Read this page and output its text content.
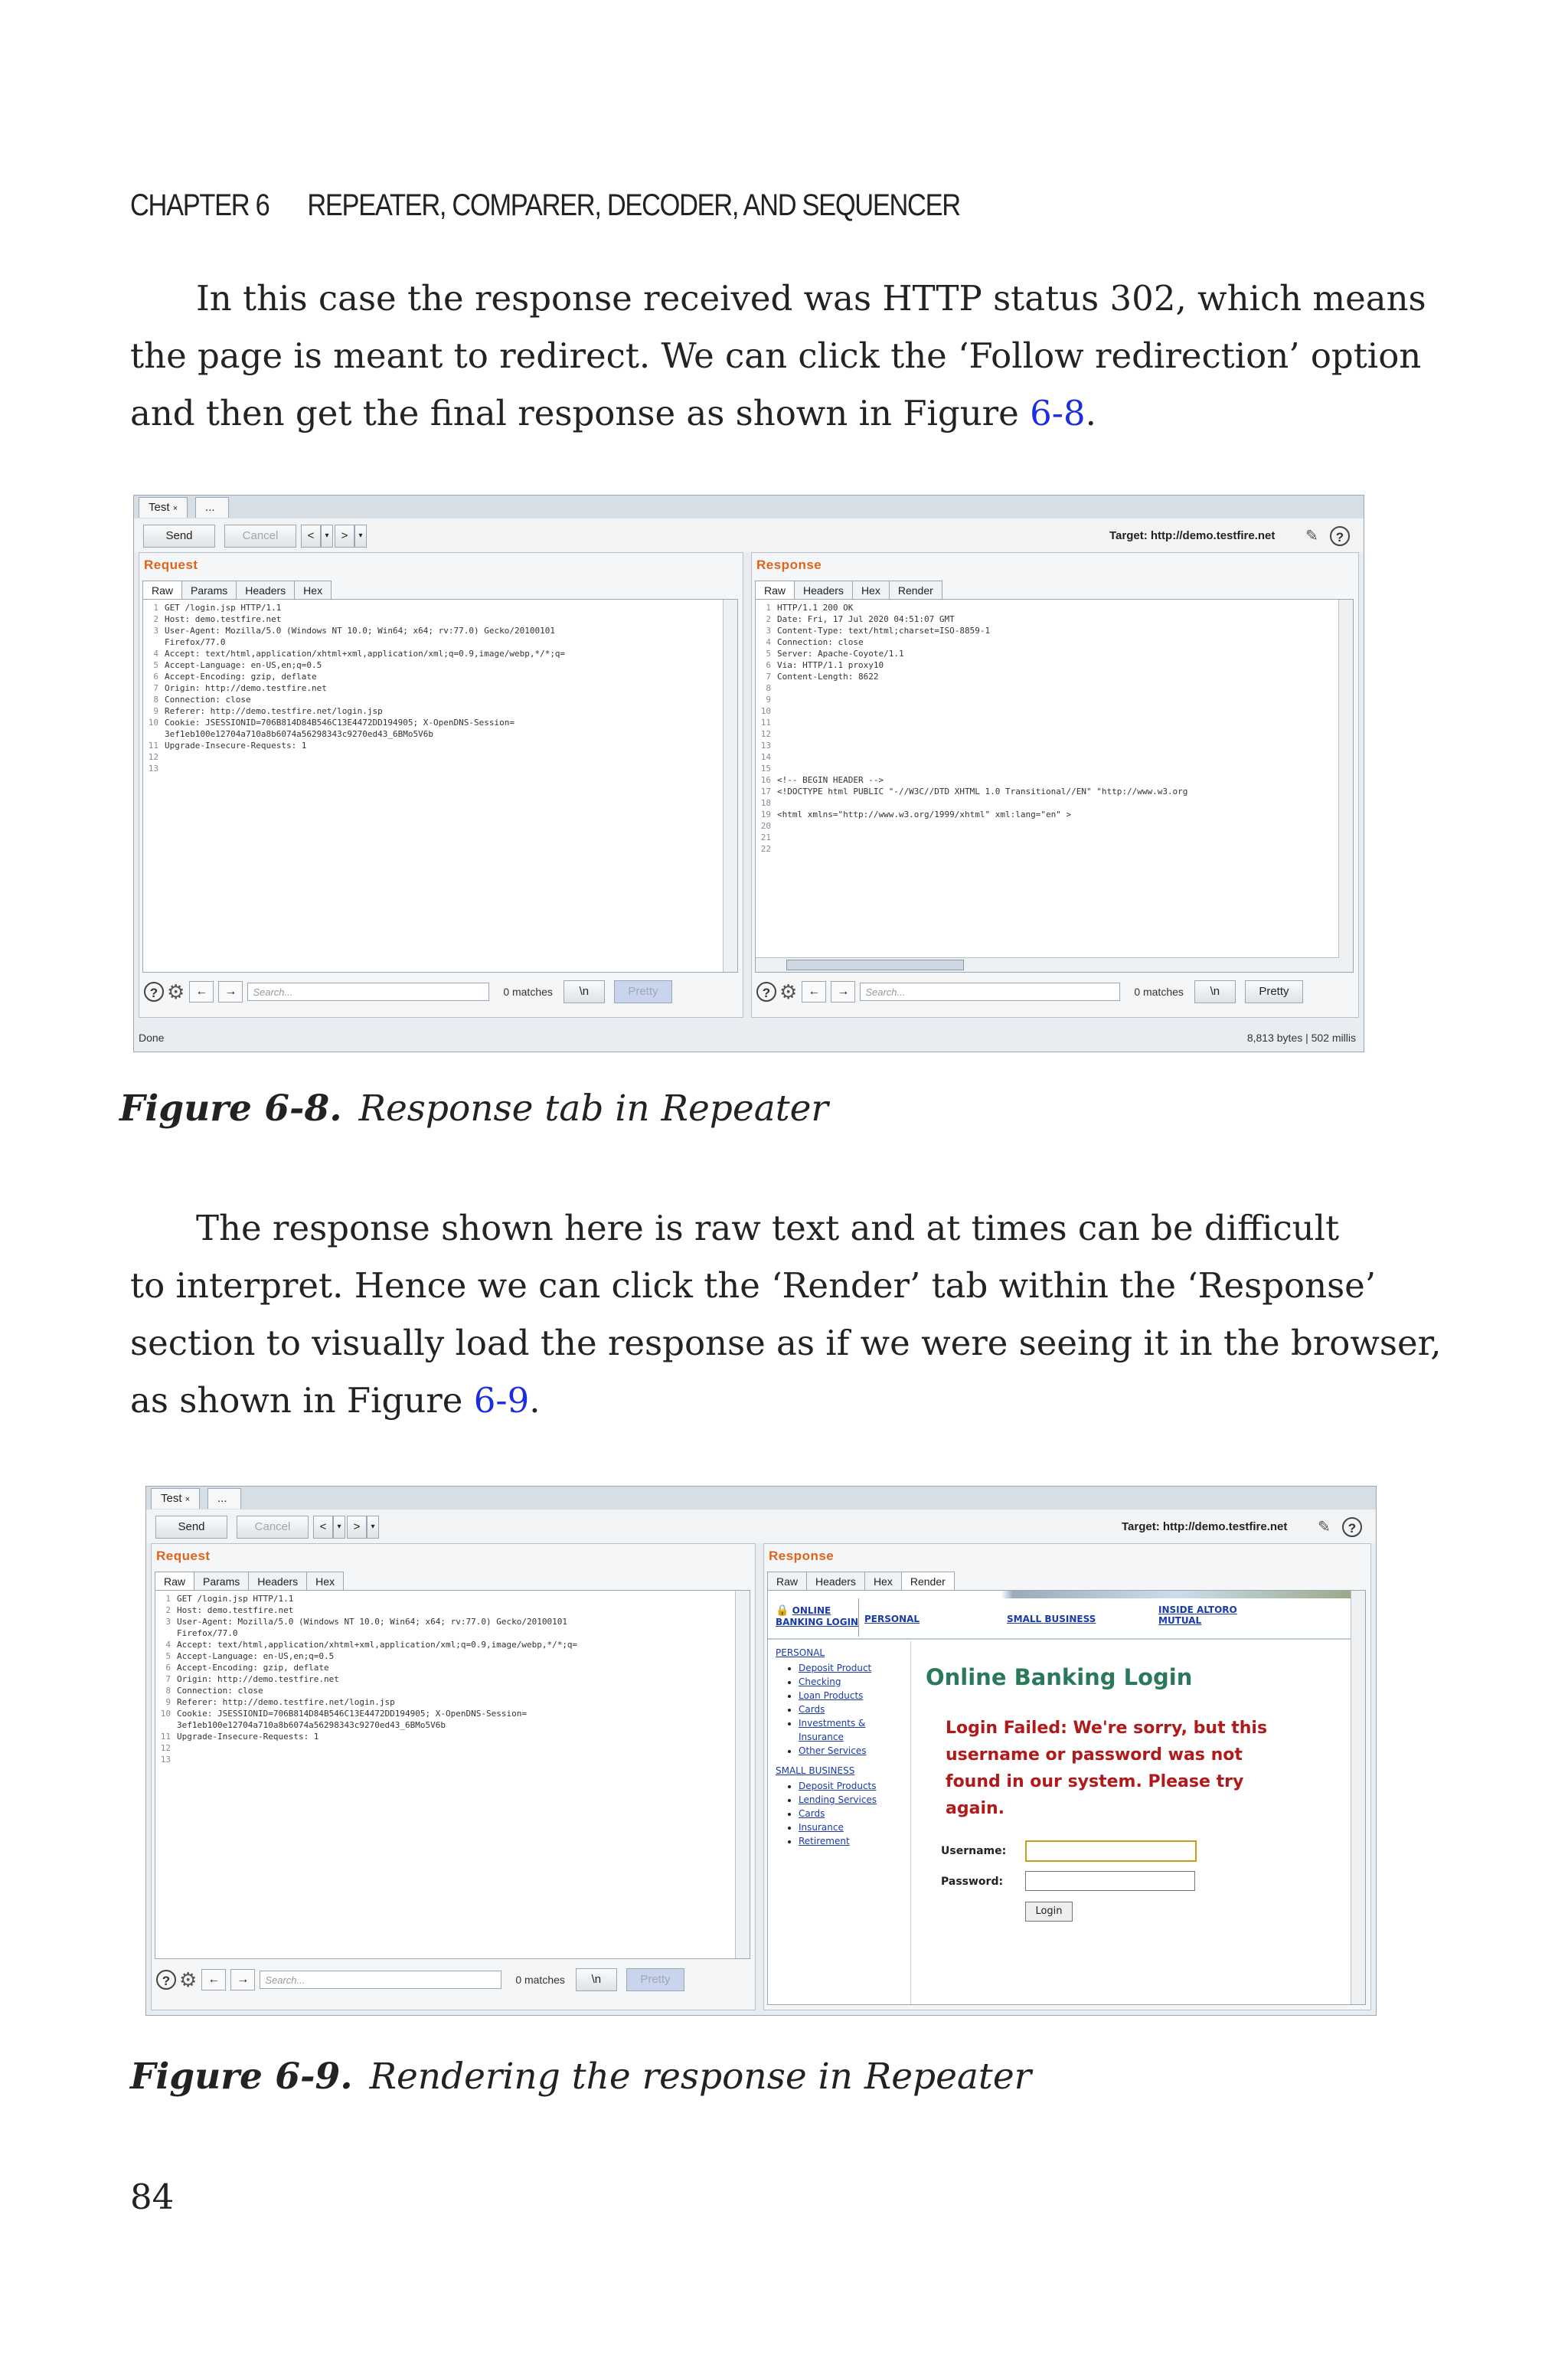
CHAPTER 6 REPEATER, COMPARER, DECODER, AND SEQUENCER
In this case the response received was HTTP status 302, which means
the page is meant to redirect. We can click the ‘Follow redirection’ option
and then get the final response as shown in Figure 6-8.
Test ×	...
Send	Cancel	<	▾	>	▾	Target: http://demo.testfire.net ✎	?
Request
Raw	Params	Headers	Hex
1 GET /login.jsp HTTP/1.1
2 Host: demo.testfire.net
3 User-Agent: Mozilla/5.0 (Windows NT 10.0; Win64; x64; rv:77.0) Gecko/20100101
Firefox/77.0
4 Accept: text/html,application/xhtml+xml,application/xml;q=0.9,image/webp,*/*;q=
5 Accept-Language: en-US,en;q=0.5
6 Accept-Encoding: gzip, deflate
7 Origin: http://demo.testfire.net
8 Connection: close
9 Referer: http://demo.testfire.net/login.jsp
10 Cookie: JSESSIONID=706B814D84B546C13E4472DD194905; X-OpenDNS-Session=
3ef1eb100e12704a710a8b6074a56298343c9270ed43_6BMo5V6b
11 Upgrade-Insecure-Requests: 1
12
13
? ⚙ ←	→	Search...	0 matches	\n	Pretty
Response
Raw	Headers	Hex	Render
1 HTTP/1.1 200 OK
2 Date: Fri, 17 Jul 2020 04:51:07 GMT
3 Content-Type: text/html;charset=ISO-8859-1
4 Connection: close
5 Server: Apache-Coyote/1.1
6 Via: HTTP/1.1 proxy10
7 Content-Length: 8622
8
9
10
11
12
13
14
15
16 <!-- BEGIN HEADER -->
17 <!DOCTYPE html PUBLIC "-//W3C//DTD XHTML 1.0 Transitional//EN" "http://www.w3.org
18
19 <html xmlns="http://www.w3.org/1999/xhtml" xml:lang="en" >
20
21
22
? ⚙ ←	→	Search...	0 matches	\n	Pretty
Done	8,813 bytes | 502 millis
Figure 6-8. Response tab in Repeater
The response shown here is raw text and at times can be difficult
to interpret. Hence we can click the ‘Render’ tab within the ‘Response’
section to visually load the response as if we were seeing it in the browser,
as shown in Figure 6-9.
Test ×	...
Send	Cancel	<	▾	>	▾	Target: http://demo.testfire.net ✎	?
Request
Raw	Params	Headers	Hex
1 GET /login.jsp HTTP/1.1
2 Host: demo.testfire.net
3 User-Agent: Mozilla/5.0 (Windows NT 10.0; Win64; x64; rv:77.0) Gecko/20100101
Firefox/77.0
4 Accept: text/html,application/xhtml+xml,application/xml;q=0.9,image/webp,*/*;q=
5 Accept-Language: en-US,en;q=0.5
6 Accept-Encoding: gzip, deflate
7 Origin: http://demo.testfire.net
8 Connection: close
9 Referer: http://demo.testfire.net/login.jsp
10 Cookie: JSESSIONID=706B814D84B546C13E4472DD194905; X-OpenDNS-Session=
3ef1eb100e12704a710a8b6074a56298343c9270ed43_6BMo5V6b
11 Upgrade-Insecure-Requests: 1
12
13
? ⚙ ←	→	Search...	0 matches	\n	Pretty
Response
Raw	Headers	Hex	Render
🔒 ONLINE BANKING LOGIN PERSONAL	SMALL BUSINESS
INSIDE ALTORO MUTUAL
PERSONAL
• Deposit Product
• Checking
• Loan Products
• Cards
• Investments & Insurance
• Other Services
SMALL BUSINESS
• Deposit Products
• Lending Services
• Cards
• Insurance
• Retirement
Online Banking Login
Login Failed: We're sorry, but this
username or password was not
found in our system. Please try
again.
Username:
Password:
Login
Figure 6-9. Rendering the response in Repeater
84
